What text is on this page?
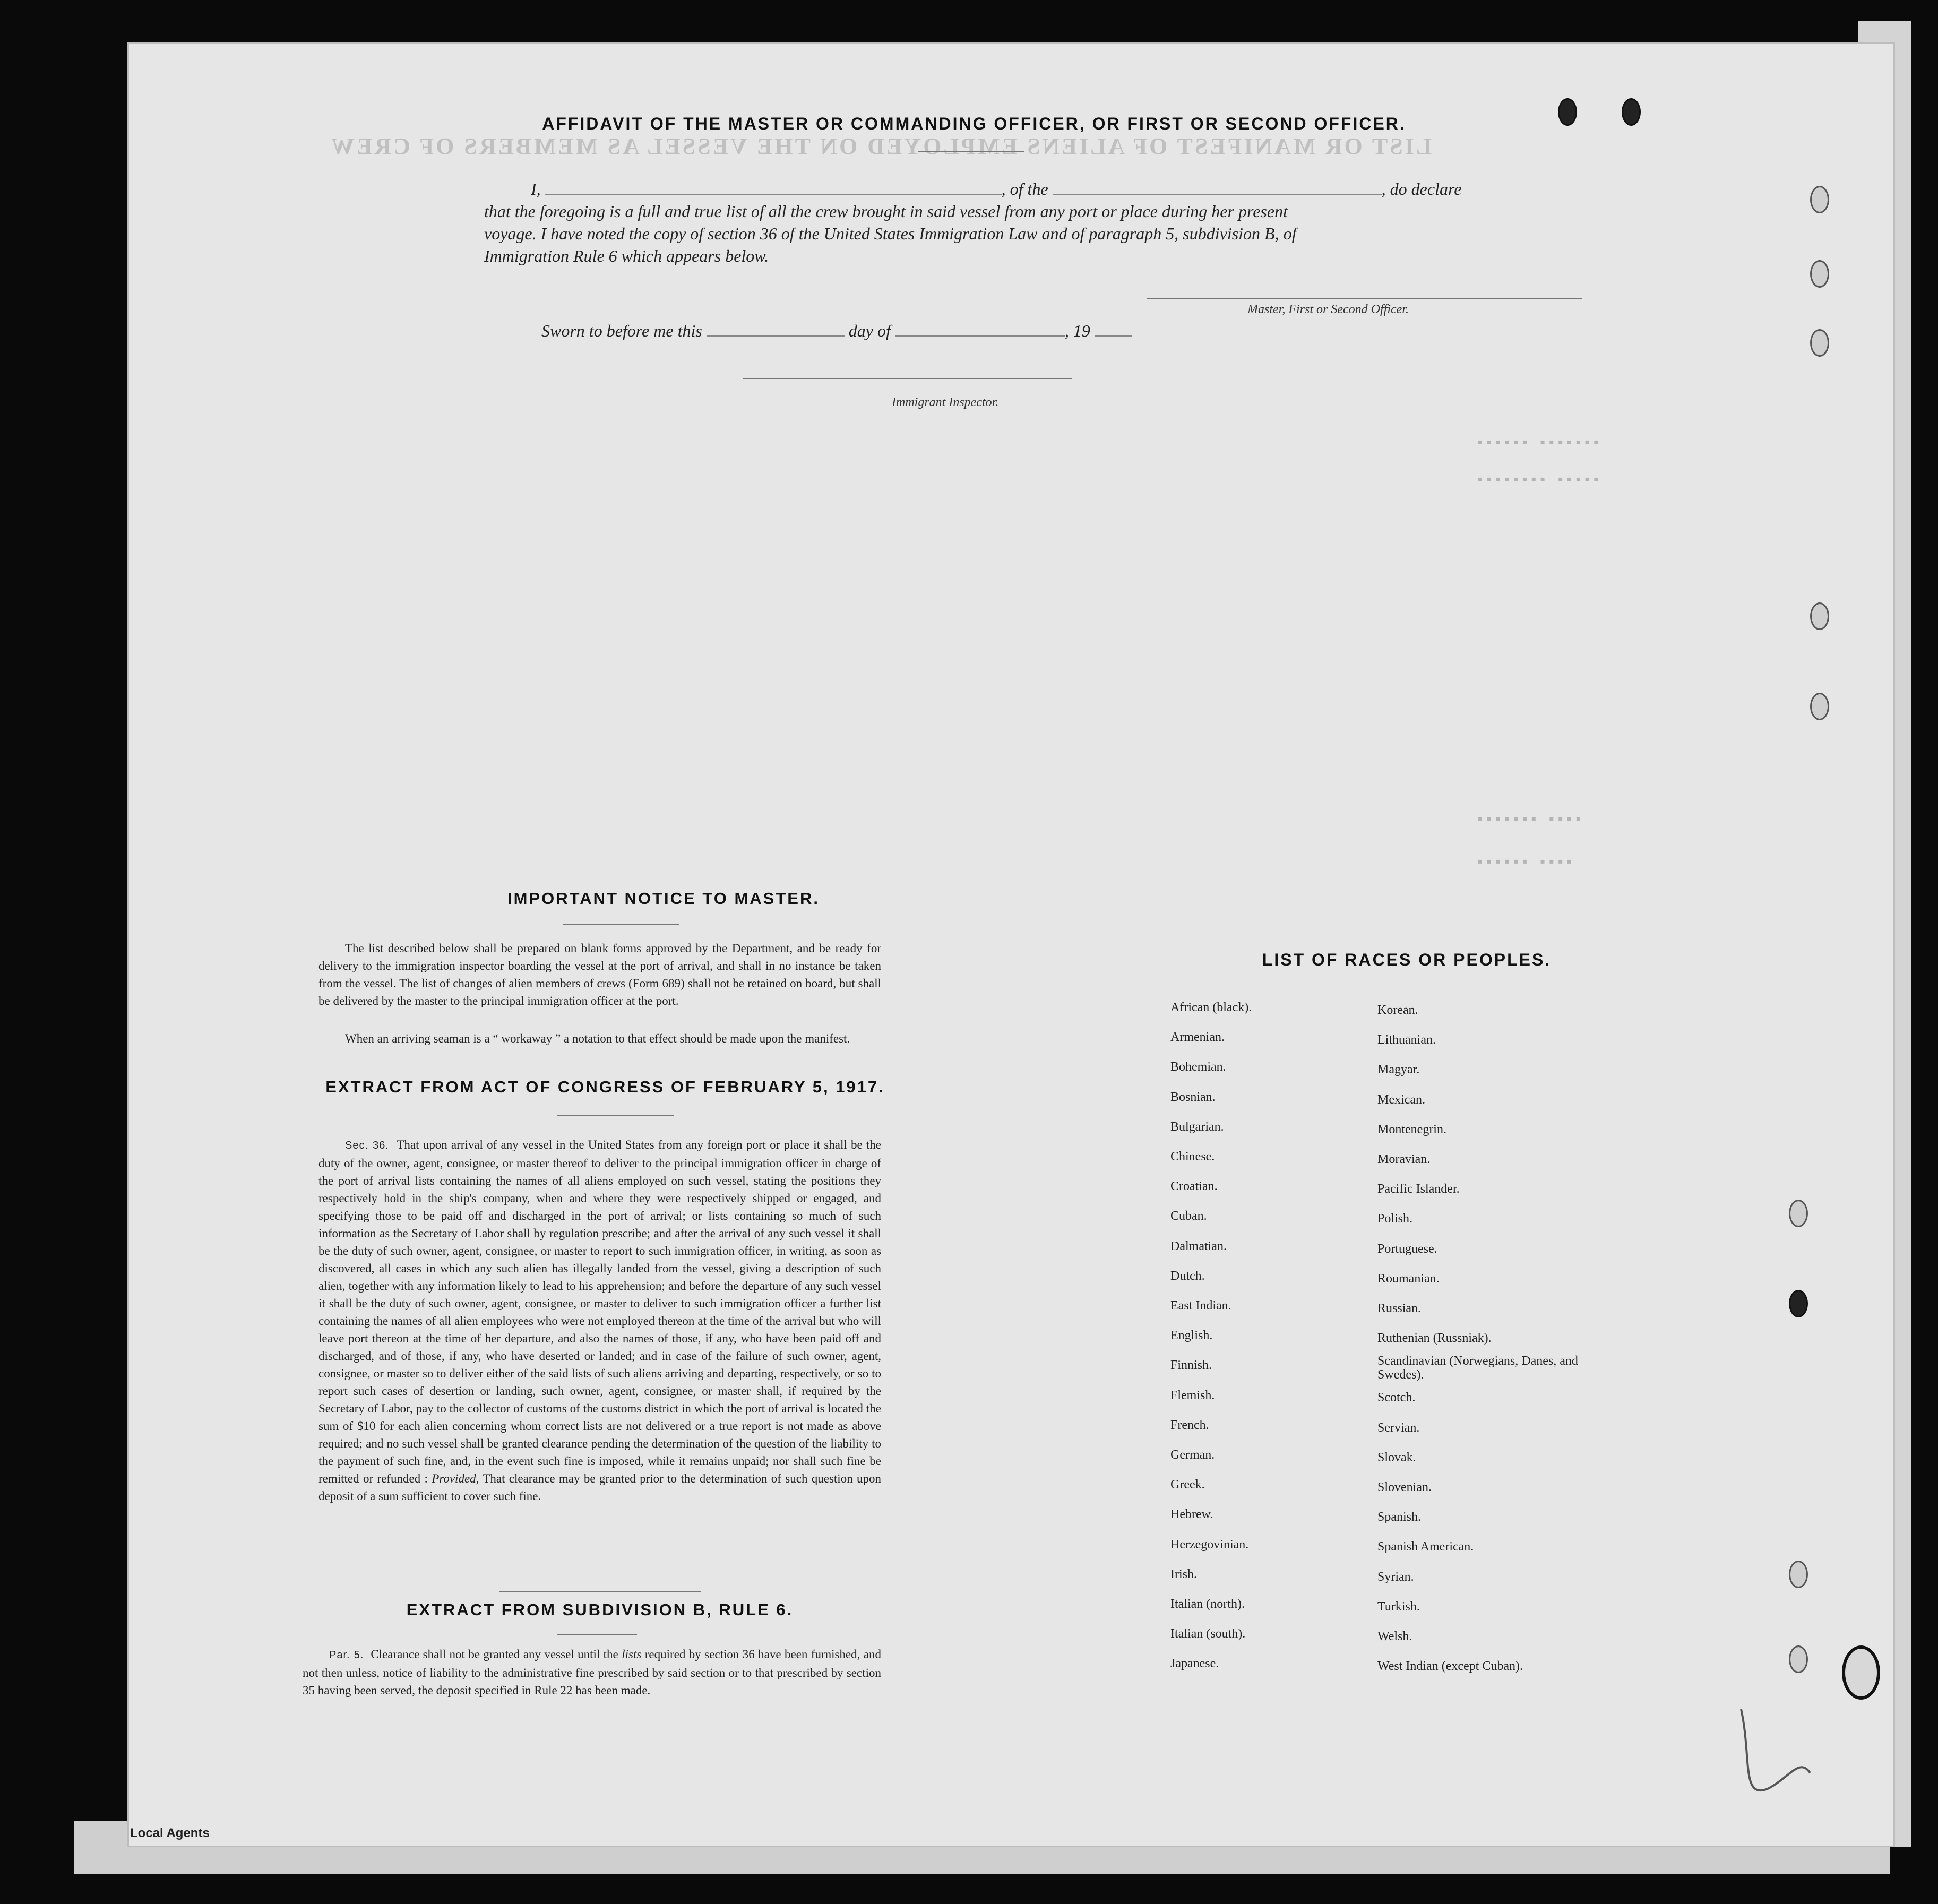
LIST OR MANIFEST OF ALIENS EMPLOYED ON THE VESSEL AS MEMBERS OF CREW
▪▪▪▪▪▪ ▪▪▪▪▪▪▪
▪▪▪▪▪▪▪▪ ▪▪▪▪▪
▪▪▪▪▪▪▪ ▪▪▪▪
▪▪▪▪▪▪ ▪▪▪▪
AFFIDAVIT OF THE MASTER OR COMMANDING OFFICER, OR FIRST OR SECOND OFFICER.
I,	, of the	, do declare
that the foregoing is a full and true list of all the crew brought in said vessel from any port or place during her present
voyage. I have noted the copy of section 36 of the United States Immigration Law and of paragraph 5, subdivision B, of
Immigration Rule 6 which appears below.
Master, First or Second Officer.
Sworn to before me this	day of	, 19
Immigrant Inspector.
IMPORTANT NOTICE TO MASTER.
The list described below shall be prepared on blank forms approved by the Department, and be ready for delivery to the immigration inspector boarding the vessel at the port of arrival, and shall in no instance be taken from the vessel. The list of changes of alien members of crews (Form 689) shall not be retained on board, but shall be delivered by the master to the principal immigration officer at the port.
When an arriving seaman is a “ workaway ” a notation to that effect should be made upon the manifest.
EXTRACT FROM ACT OF CONGRESS OF FEBRUARY 5, 1917.
Sec. 36. That upon arrival of any vessel in the United States from any foreign port or place it shall be the duty of the owner, agent, consignee, or master thereof to deliver to the principal immigration officer in charge of the port of arrival lists containing the names of all aliens employed on such vessel, stating the positions they respectively hold in the ship's company, when and where they were respectively shipped or engaged, and specifying those to be paid off and discharged in the port of arrival; or lists containing so much of such information as the Secretary of Labor shall by regulation prescribe; and after the arrival of any such vessel it shall be the duty of such owner, agent, consignee, or master to report to such immigration officer, in writing, as soon as discovered, all cases in which any such alien has illegally landed from the vessel, giving a description of such alien, together with any information likely to lead to his apprehension; and before the departure of any such vessel it shall be the duty of such owner, agent, consignee, or master to deliver to such immigration officer a further list containing the names of all alien employees who were not employed thereon at the time of the arrival but who will leave port thereon at the time of her departure, and also the names of those, if any, who have been paid off and discharged, and of those, if any, who have deserted or landed; and in case of the failure of such owner, agent, consignee, or master so to deliver either of the said lists of such aliens arriving and departing, respectively, or so to report such cases of desertion or landing, such owner, agent, consignee, or master shall, if required by the Secretary of Labor, pay to the collector of customs of the customs district in which the port of arrival is located the sum of $10 for each alien concerning whom correct lists are not delivered or a true report is not made as above required; and no such vessel shall be granted clearance pending the determination of the question of the liability to the payment of such fine, and, in the event such fine is imposed, while it remains unpaid; nor shall such fine be remitted or refunded : Provided, That clearance may be granted prior to the determination of such question upon deposit of a sum sufficient to cover such fine.
EXTRACT FROM SUBDIVISION B, RULE 6.
Par. 5. Clearance shall not be granted any vessel until the lists required by section 36 have been furnished, and not then unless, notice of liability to the administrative fine prescribed by said section or to that prescribed by section 35 having been served, the deposit specified in Rule 22 has been made.
LIST OF RACES OR PEOPLES.
African (black).
Armenian.
Bohemian.
Bosnian.
Bulgarian.
Chinese.
Croatian.
Cuban.
Dalmatian.
Dutch.
East Indian.
English.
Finnish.
Flemish.
French.
German.
Greek.
Hebrew.
Herzegovinian.
Irish.
Italian (north).
Italian (south).
Japanese.
Korean.
Lithuanian.
Magyar.
Mexican.
Montenegrin.
Moravian.
Pacific Islander.
Polish.
Portuguese.
Roumanian.
Russian.
Ruthenian (Russniak).
Scandinavian (Norwegians, Danes, and Swedes).
Scotch.
Servian.
Slovak.
Slovenian.
Spanish.
Spanish American.
Syrian.
Turkish.
Welsh.
West Indian (except Cuban).
Local Agents
